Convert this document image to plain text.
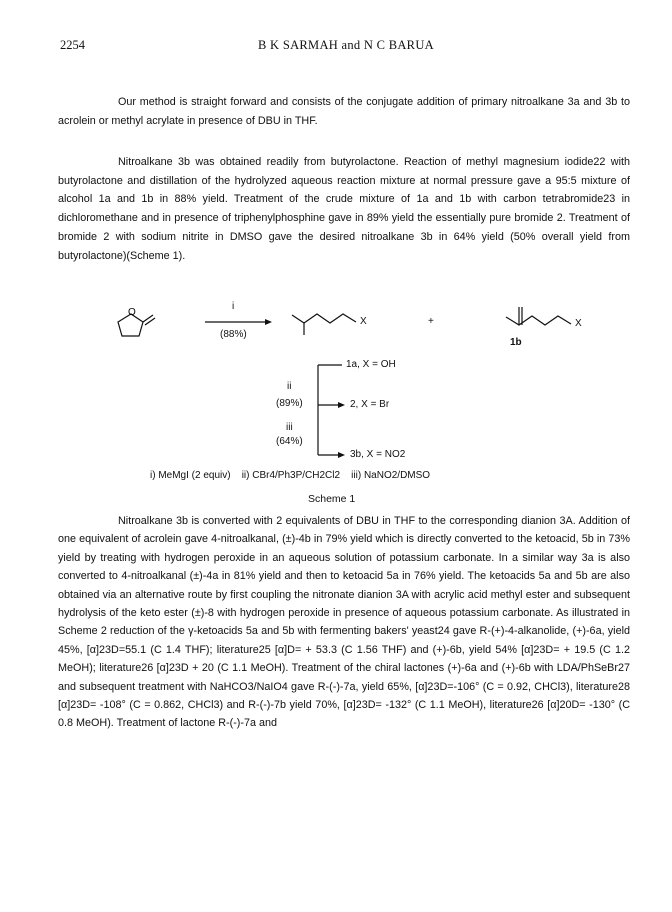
2254	B K SARMAH and N C BARUA

Our method is straight forward and consists of the conjugate addition of primary nitroalkane 3a and 3b to acrolein or methyl acrylate in presence of DBU in THF.

Nitroalkane 3b was obtained readily from butyrolactone. Reaction of methyl magnesium iodide22 with butyrolactone and distillation of the hydrolyzed aqueous reaction mixture at normal pressure gave a 95:5 mixture of alcohol 1a and 1b in 88% yield. Treatment of the crude mixture of 1a and 1b with carbon tetrabromide23 in dichloromethane and in presence of triphenylphosphine gave in 89% yield the essentially pure bromide 2. Treatment of bromide 2 with sodium nitrite in DMSO gave the desired nitroalkane 3b in 64% yield (50% overall yield from butyrolactone)(Scheme 1).

O
i
(88%)
X	+	X
1b
1a, X = OH
ii
(89%)	2, X = Br
iii
(64%)
3b, X = NO2
i) MeMgI (2 equiv)    ii) CBr4/Ph3P/CH2Cl2    iii) NaNO2/DMSO
Scheme 1

Nitroalkane 3b is converted with 2 equivalents of DBU in THF to the corresponding dianion 3A. Addition of one equivalent of acrolein gave 4-nitroalkanal, (±)-4b in 79% yield which is directly converted to the ketoacid, 5b in 73% yield by treating with hydrogen peroxide in an aqueous solution of potassium carbonate. In a similar way 3a is also converted to 4-nitroalkanal (±)-4a in 81% yield and then to ketoacid 5a in 76% yield. The ketoacids 5a and 5b are also obtained via an alternative route by first coupling the nitronate dianion 3A with acrylic acid methyl ester and subsequent hydrolysis of the keto ester (±)-8 with hydrogen peroxide in presence of aqueous potassium carbonate. As illustrated in Scheme 2 reduction of the γ-ketoacids 5a and 5b with fermenting bakers' yeast24 gave R-(+)-4-alkanolide, (+)-6a, yield 45%, [α]23D=55.1 (C 1.4 THF); literature25 [α]D= + 53.3 (C 1.56 THF) and (+)-6b, yield 54% [α]23D= + 19.5 (C 1.2 MeOH); literature26 [α]23D + 20 (C 1.1 MeOH). Treatment of the chiral lactones (+)-6a and (+)-6b with LDA/PhSeBr27 and subsequent treatment with NaHCO3/NaIO4 gave R-(-)-7a, yield 65%, [α]23D=-106° (C = 0.92, CHCl3), literature28 [α]23D= -108° (C = 0.862, CHCl3) and R-(-)-7b yield 70%, [α]23D= -132° (C 1.1 MeOH), literature26 [α]20D= -130° (C 0.8 MeOH). Treatment of lactone R-(-)-7a and
